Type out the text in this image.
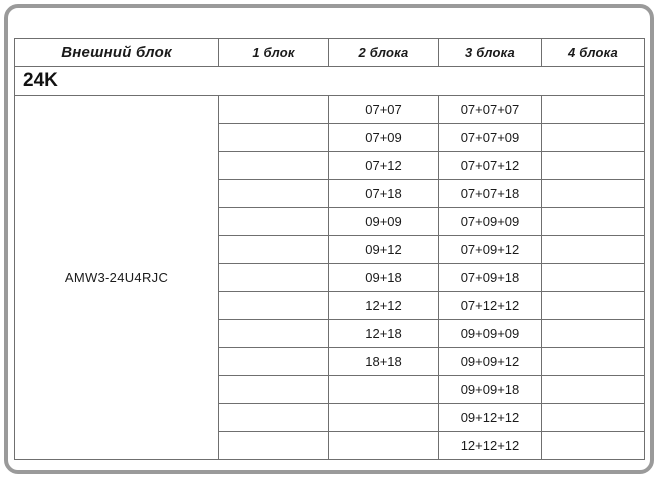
Внешний блок	1 блок	2 блока	3 блока	4 блока
24K				
AMW3-24U4RJC		07+07	07+07+07	
		07+09	07+07+09	
		07+12	07+07+12	
		07+18	07+07+18	
		09+09	07+09+09	
		09+12	07+09+12	
		09+18	07+09+18	
		12+12	07+12+12	
		12+18	09+09+09	
		18+18	09+09+12	
			09+09+18	
			09+12+12	
			12+12+12	
